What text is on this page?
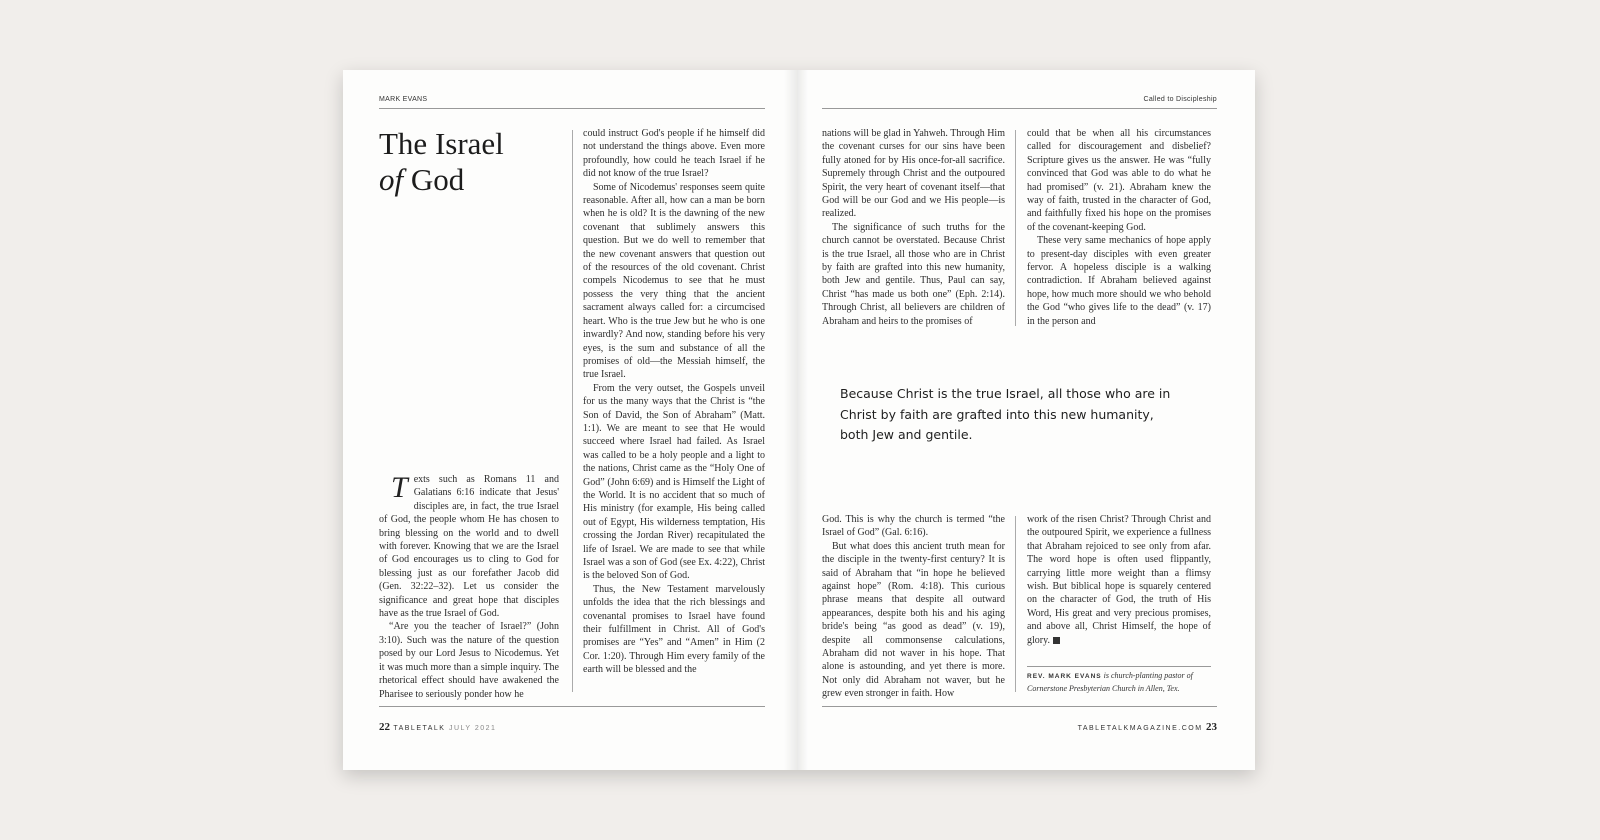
MARK EVANS
The Israel
of God

Texts such as Romans 11 and Galatians 6:16 indicate that Jesus' disciples are, in fact, the true Israel of God, the people whom He has chosen to bring blessing on the world and to dwell with forever. Knowing that we are the Israel of God encourages us to cling to God for blessing just as our forefather Jacob did (Gen. 32:22–32). Let us consider the significance and great hope that disciples have as the true Israel of God.

“Are you the teacher of Israel?” (John 3:10). Such was the nature of the question posed by our Lord Jesus to Nicodemus. Yet it was much more than a simple inquiry. The rhetorical effect should have awakened the Pharisee to seriously ponder how he

could instruct God's people if he himself did not understand the things above. Even more profoundly, how could he teach Israel if he did not know of the true Israel?

Some of Nicodemus' responses seem quite reasonable. After all, how can a man be born when he is old? It is the dawning of the new covenant that sublimely answers this question. But we do well to remember that the new covenant answers that question out of the resources of the old covenant. Christ compels Nicodemus to see that he must possess the very thing that the ancient sacrament always called for: a circumcised heart. Who is the true Jew but he who is one inwardly? And now, standing before his very eyes, is the sum and substance of all the promises of old—the Messiah himself, the true Israel.

From the very outset, the Gospels unveil for us the many ways that the Christ is “the Son of David, the Son of Abraham” (Matt. 1:1). We are meant to see that He would succeed where Israel had failed. As Israel was called to be a holy people and a light to the nations, Christ came as the “Holy One of God” (John 6:69) and is Himself the Light of the World. It is no accident that so much of His ministry (for example, His being called out of Egypt, His wilderness temptation, His crossing the Jordan River) recapitulated the life of Israel. We are made to see that while Israel was a son of God (see Ex. 4:22), Christ is the beloved Son of God.

Thus, the New Testament marvelously unfolds the idea that the rich blessings and covenantal promises to Israel have found their fulfillment in Christ. All of God's promises are “Yes” and “Amen” in Him (2 Cor. 1:20). Through Him every family of the earth will be blessed and the

22 TABLETALK JULY 2021
Called to Discipleship

nations will be glad in Yahweh. Through Him the covenant curses for our sins have been fully atoned for by His once-for-all sacrifice. Supremely through Christ and the outpoured Spirit, the very heart of covenant itself—that God will be our God and we His people—is realized.

The significance of such truths for the church cannot be overstated. Because Christ is the true Israel, all those who are in Christ by faith are grafted into this new humanity, both Jew and gentile. Thus, Paul can say, Christ “has made us both one” (Eph. 2:14). Through Christ, all believers are children of Abraham and heirs to the promises of

could that be when all his circumstances called for discouragement and disbelief? Scripture gives us the answer. He was “fully convinced that God was able to do what he had promised” (v. 21). Abraham knew the way of faith, trusted in the character of God, and faithfully fixed his hope on the promises of the covenant-keeping God.

These very same mechanics of hope apply to present-day disciples with even greater fervor. A hopeless disciple is a walking contradiction. If Abraham believed against hope, how much more should we who behold the God “who gives life to the dead” (v. 17) in the person and

Because Christ is the true Israel, all those who are in Christ by faith are grafted into this new humanity, both Jew and gentile.

God. This is why the church is termed “the Israel of God” (Gal. 6:16).

But what does this ancient truth mean for the disciple in the twenty-first century? It is said of Abraham that “in hope he believed against hope” (Rom. 4:18). This curious phrase means that despite all outward appearances, despite both his and his aging bride's being “as good as dead” (v. 19), despite all commonsense calculations, Abraham did not waver in his hope. That alone is astounding, and yet there is more. Not only did Abraham not waver, but he grew even stronger in faith. How

work of the risen Christ? Through Christ and the outpoured Spirit, we experience a fullness that Abraham rejoiced to see only from afar. The word hope is often used flippantly, carrying little more weight than a flimsy wish. But biblical hope is squarely centered on the character of God, the truth of His Word, His great and very precious promises, and above all, Christ Himself, the hope of glory.

REV. MARK EVANS is church-planting pastor of Cornerstone Presbyterian Church in Allen, Tex.
TABLETALKMAGAZINE.COM 23
